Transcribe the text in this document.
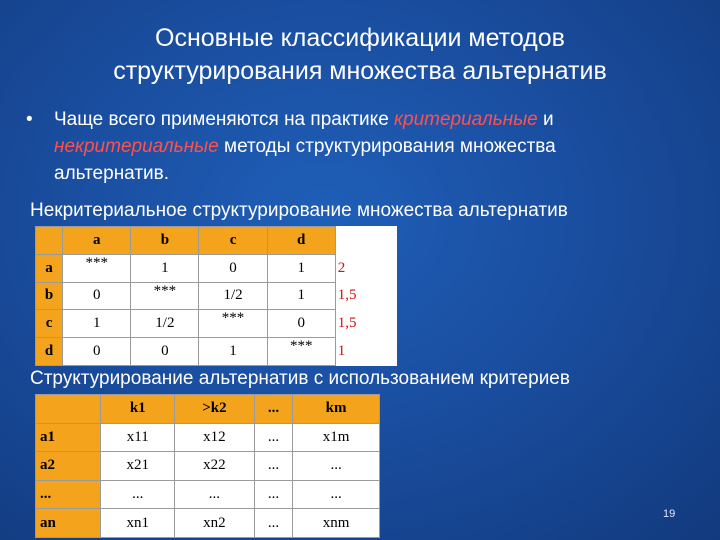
Основные классификации методов
структурирования множества альтернатив
• Чаще всего применяются на практике критериальные и некритериальные методы структурирования множества альтернатив.
Некритериальное структурирование множества альтернатив
	a	b	c	d	
a	***	1	0	1	2
b	0	***	1/2	1	1,5
c	1	1/2	***	0	1,5
d	0	0	1	***	1
Структурирование альтернатив с использованием критериев
	k1	>k2	...	km
a1	x11	x12	...	x1m
a2	x21	x22	...	...
...	...	...	...	...
an	xn1	xn2	...	xnm
19
